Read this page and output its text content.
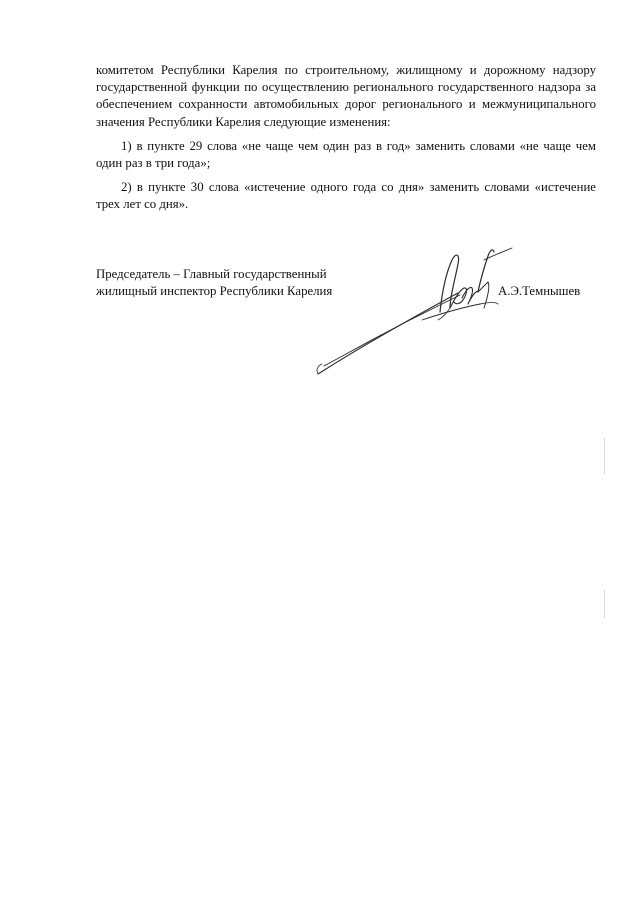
комитетом Республики Карелия по строительному, жилищному и дорожному надзору государственной функции по осуществлению регионального государственного надзора за обеспечением сохранности автомобильных дорог регионального и межмуниципального значения Республики Карелия следующие изменения:

1) в пункте 29 слова «не чаще чем один раз в год» заменить словами «не чаще чем один раз в три года»;

2) в пункте 30 слова «истечение одного года со дня» заменить словами «истечение трех лет со дня».

Председатель – Главный государственный
жилищный инспектор Республики Карелия	А.Э.Темнышев
